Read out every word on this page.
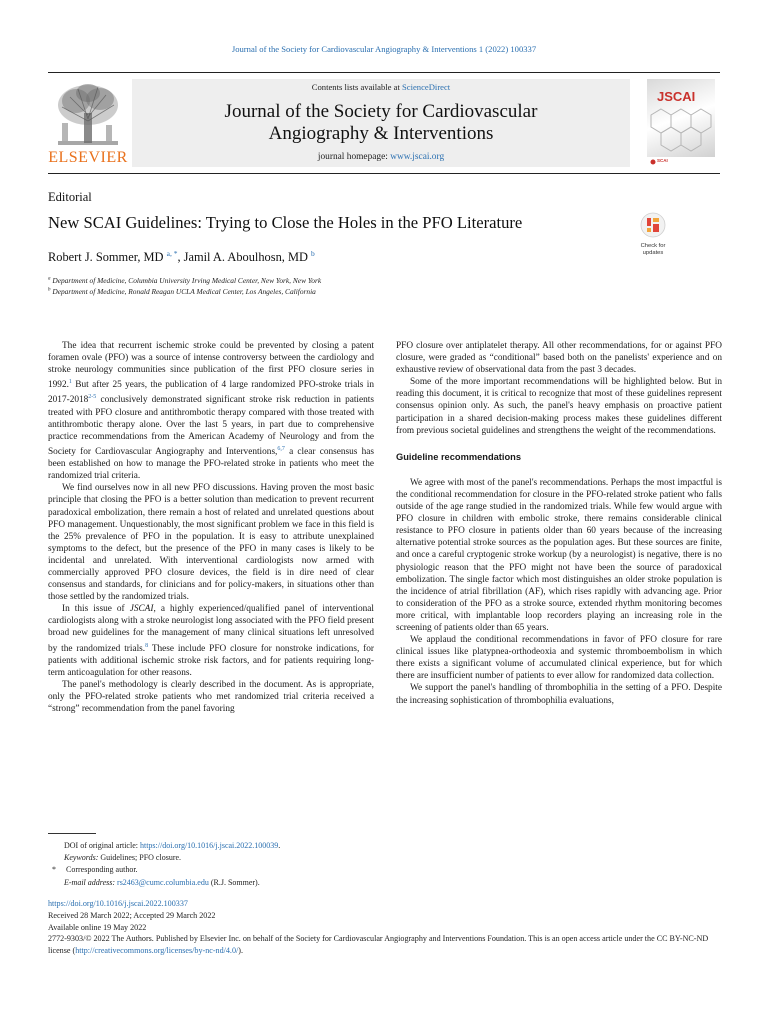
Journal of the Society for Cardiovascular Angiography & Interventions 1 (2022) 100337
ELSEVIER
Contents lists available at ScienceDirect
Journal of the Society for Cardiovascular
Angiography & Interventions
journal homepage: www.jscai.org
JSCAI
SCAI
Editorial
New SCAI Guidelines: Trying to Close the Holes in the PFO Literature
Check for
updates
Robert J. Sommer, MD $^{a, *}$, Jamil A. Aboulhosn, MD $^b$
$^a$ Department of Medicine, Columbia University Irving Medical Center, New York, New York
$^b$ Department of Medicine, Ronald Reagan UCLA Medical Center, Los Angeles, California

The idea that recurrent ischemic stroke could be prevented by closing a patent foramen ovale (PFO) was a source of intense controversy between the cardiology and stroke neurology communities since publication of the first PFO closure series in 1992.$^1$ But after 25 years, the publication of 4 large randomized PFO-stroke trials in 2017-2018$^{2-5}$ conclusively demonstrated significant stroke risk reduction in patients treated with PFO closure and antithrombotic therapy compared with those treated with antithrombotic therapy alone. Over the last 5 years, in part due to comprehensive practice recommendations from the American Academy of Neurology and from the Society for Cardiovascular Angiography and Interventions,$^{6,7}$ a clear consensus has been established on how to manage the PFO-related stroke in patients who meet the randomized trial criteria.

We find ourselves now in all new PFO discussions. Having proven the most basic principle that closing the PFO is a better solution than medication to prevent recurrent paradoxical embolization, there remain a host of related and unrelated questions about PFO management. Unquestionably, the most significant problem we face in this field is the 25% prevalence of PFO in the population. It is easy to attribute unexplained symptoms to the defect, but the presence of the PFO in many cases is likely to be incidental and unrelated. With interventional cardiologists now armed with commercially approved PFO closure devices, the field is in dire need of clear consensus and standards, for clinicians and for policy-makers, in situations other than those settled by the randomized trials.

In this issue of JSCAI, a highly experienced/qualified panel of interventional cardiologists along with a stroke neurologist long associated with the PFO field present broad new guidelines for the management of many clinical situations left unresolved by the randomized trials.$^8$ These include PFO closure for nonstroke indications, for patients with additional ischemic stroke risk factors, and for patients requiring long-term anticoagulation for other reasons.

The panel's methodology is clearly described in the document. As is appropriate, only the PFO-related stroke patients who met randomized trial criteria received a “strong” recommendation from the panel favoring

PFO closure over antiplatelet therapy. All other recommendations, for or against PFO closure, were graded as “conditional” based both on the panelists' experience and on exhaustive review of observational data from the past 3 decades.

Some of the more important recommendations will be highlighted below. But in reading this document, it is critical to recognize that most of these guidelines represent consensus opinion only. As such, the panel's heavy emphasis on proactive patient participation in a shared decision-making process makes these guidelines different from previous societal guidelines and strengthens the weight of the recommendations.

Guideline recommendations

We agree with most of the panel's recommendations. Perhaps the most impactful is the conditional recommendation for closure in the PFO-related stroke patient who falls outside of the age range studied in the randomized trials. While few would argue with PFO closure in children with embolic stroke, there remains considerable clinical resistance to PFO closure in patients older than 60 years because of the increasing alternative potential stroke sources as the population ages. But these sources are finite, and once a careful cryptogenic stroke workup (by a neurologist) is negative, there is no physiologic reason that the PFO might not have been the source of paradoxical embolization. The single factor which most distinguishes an older stroke population is the incidence of atrial fibrillation (AF), which rises rapidly with advancing age. Prior to consideration of the PFO as a stroke source, extended rhythm monitoring becomes more critical, with implantable loop recorders playing an increasing role in the screening of patients older than 65 years.

We applaud the conditional recommendations in favor of PFO closure for rare clinical issues like platypnea-orthodeoxia and systemic thromboembolism in which there exists a significant volume of accumulated clinical experience, but for which there are insufficient number of patients to ever allow for randomized data collection.

We support the panel's handling of thrombophilia in the setting of a PFO. Despite the increasing sophistication of thrombophilia evaluations,

DOI of original article: https://doi.org/10.1016/j.jscai.2022.100039.
Keywords: Guidelines; PFO closure.
* Corresponding author.
E-mail address: rs2463@cumc.columbia.edu (R.J. Sommer).
https://doi.org/10.1016/j.jscai.2022.100337
Received 28 March 2022; Accepted 29 March 2022
Available online 19 May 2022
2772-9303/© 2022 The Authors. Published by Elsevier Inc. on behalf of the Society for Cardiovascular Angiography and Interventions Foundation. This is an open access article under the CC BY-NC-ND license (http://creativecommons.org/licenses/by-nc-nd/4.0/).
